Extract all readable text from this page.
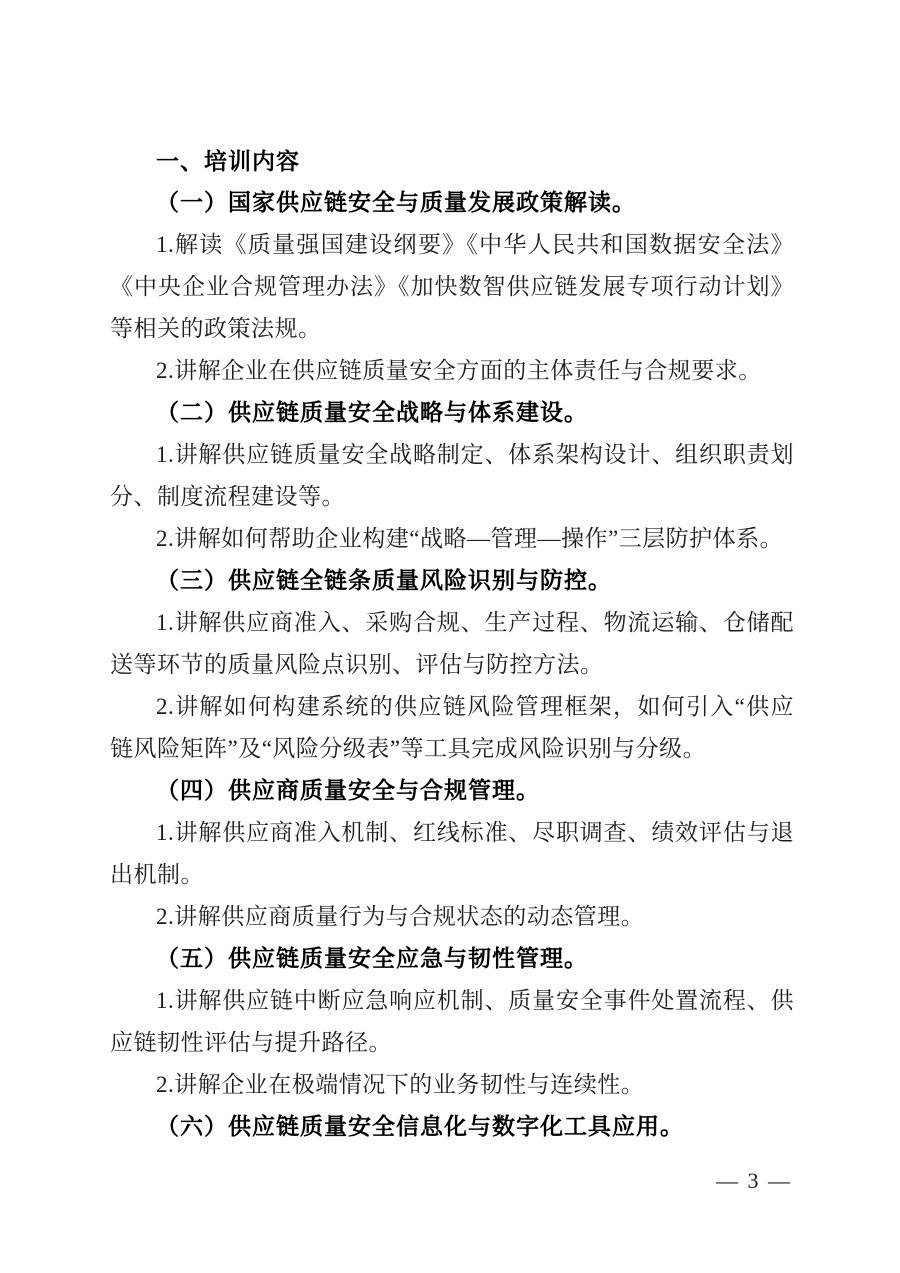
一、培训内容

（一）国家供应链安全与质量发展政策解读。

1.解读《质量强国建设纲要》《中华人民共和国数据安全法》《中央企业合规管理办法》《加快数智供应链发展专项行动计划》等相关的政策法规。

2.讲解企业在供应链质量安全方面的主体责任与合规要求。

（二）供应链质量安全战略与体系建设。

1.讲解供应链质量安全战略制定、体系架构设计、组织职责划分、制度流程建设等。

2.讲解如何帮助企业构建“战略—管理—操作”三层防护体系。

（三）供应链全链条质量风险识别与防控。

1.讲解供应商准入、采购合规、生产过程、物流运输、仓储配送等环节的质量风险点识别、评估与防控方法。

2.讲解如何构建系统的供应链风险管理框架，如何引入“供应链风险矩阵”及“风险分级表”等工具完成风险识别与分级。

（四）供应商质量安全与合规管理。

1.讲解供应商准入机制、红线标准、尽职调查、绩效评估与退出机制。

2.讲解供应商质量行为与合规状态的动态管理。

（五）供应链质量安全应急与韧性管理。

1.讲解供应链中断应急响应机制、质量安全事件处置流程、供应链韧性评估与提升路径。

2.讲解企业在极端情况下的业务韧性与连续性。

（六）供应链质量安全信息化与数字化工具应用。

— 3 —
